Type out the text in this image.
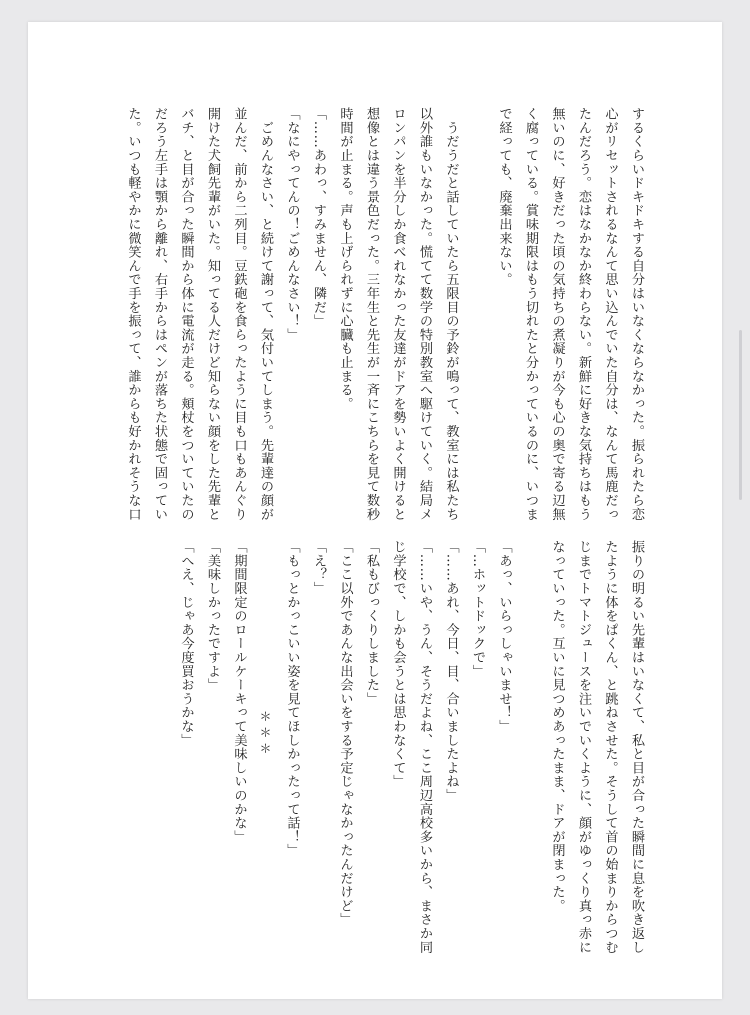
するくらいドキドキする自分はいなくならなかった。振られたら恋
心がリセットされるなんて思い込んでいた自分は、なんて馬鹿だっ
たんだろう。恋はなかなか終わらない。新鮮に好きな気持ちはもう
無いのに、好きだった頃の気持ちの煮凝りが今も心の奥で寄る辺無
く腐っている。賞味期限はもう切れたと分かっているのに、いつま
で経っても、廃棄出来ない。

　うだうだと話していたら五限目の予鈴が鳴って、教室には私たち
以外誰もいなかった。慌てて数学の特別教室へ駆けていく。結局メ
ロンパンを半分しか食べれなかった友達がドアを勢いよく開けると
想像とは違う景色だった。三年生と先生が一斉にこちらを見て数秒
時間が止まる。声も上げられずに心臓も止まる。
「……あわっ、すみません、隣だ」
「なにやってんの！ごめんなさい！」
　ごめんなさい、と続けて謝って、気付いてしまう。先輩達の顔が
並んだ、前から二列目。豆鉄砲を食らったように目も口もあんぐり
開けた犬飼先輩がいた。知ってる人だけど知らない顔をした先輩と
バチ、と目が合った瞬間から体に電流が走る。頬杖をついていたの
だろう左手は顎から離れ、右手からはペンが落ちた状態で固ってい
た。いつも軽やかに微笑んで手を振って、誰からも好かれそうな口
振りの明るい先輩はいなくて、私と目が合った瞬間に息を吹き返し
たように体をぱくん、と跳ねさせた。そうして首の始まりからつむ
じまでトマトジュースを注いでいくように、顔がゆっくり真っ赤に
なっていった。互いに見つめあったまま、ドアが閉まった。

「あっ、いらっしゃいませ！」
「…ホットドックで」
「……あれ、今日、目、合いましたよね」
「……いや、うん、そうだよね、ここ周辺高校多いから、まさか同
じ学校で、しかも会うとは思わなくて」
「私もびっくりしました」
「ここ以外であんな出会いをする予定じゃなかったんだけど」
「え？」
「もっとかっこいい姿を見てほしかったって話！」
＊＊＊
「期間限定のロールケーキって美味しいのかな」
「美味しかったですよ」
「へえ、じゃあ今度買おうかな」
